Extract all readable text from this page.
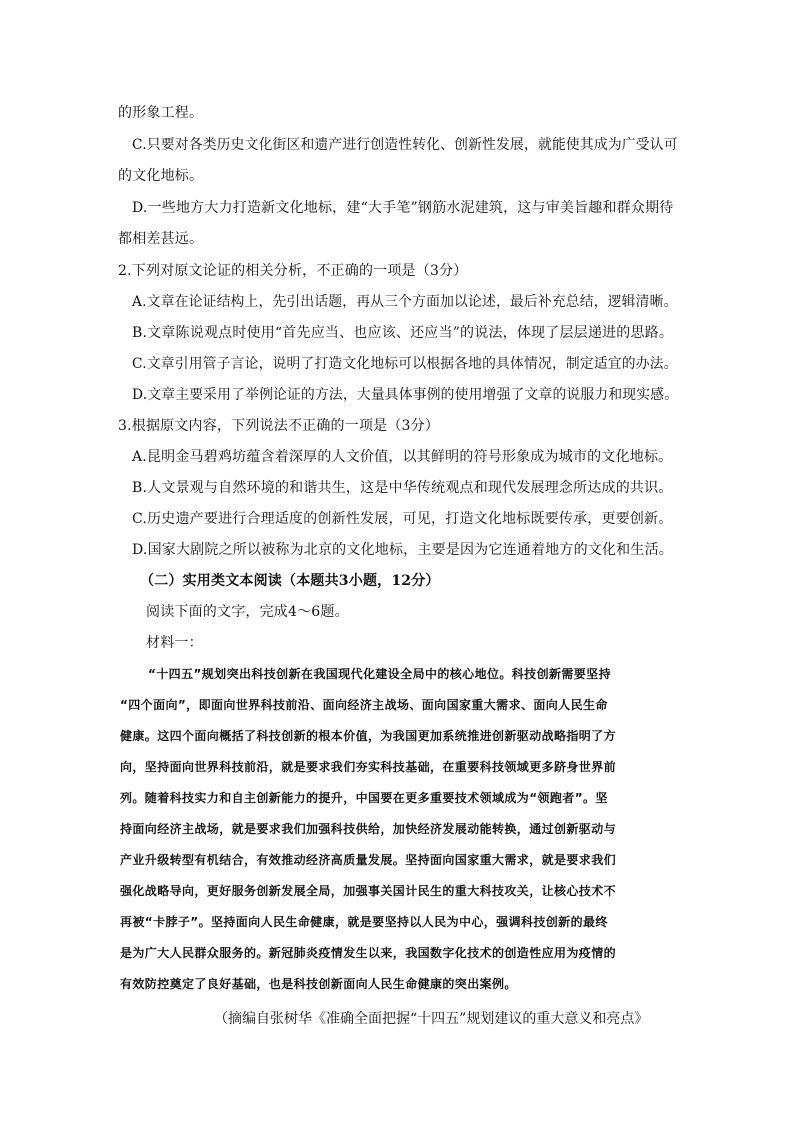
的形象工程。
C.只要对各类历史文化街区和遗产进行创造性转化、创新性发展，就能使其成为广受认可
的文化地标。
D.一些地方大力打造新文化地标，建“大手笔”钢筋水泥建筑，这与审美旨趣和群众期待
都相差甚远。
2.下列对原文论证的相关分析，不正确的一项是（3分）
A.文章在论证结构上，先引出话题，再从三个方面加以论述，最后补充总结，逻辑清晰。
B.文章陈说观点时使用“首先应当、也应该、还应当”的说法，体现了层层递进的思路。
C.文章引用管子言论，说明了打造文化地标可以根据各地的具体情况，制定适宜的办法。
D.文章主要采用了举例论证的方法，大量具体事例的使用增强了文章的说服力和现实感。
3.根据原文内容，下列说法不正确的一项是（3分）
A.昆明金马碧鸡坊蕴含着深厚的人文价值，以其鲜明的符号形象成为城市的文化地标。
B.人文景观与自然环境的和谐共生，这是中华传统观点和现代发展理念所达成的共识。
C.历史遗产要进行合理适度的创新性发展，可见，打造文化地标既要传承，更要创新。
D.国家大剧院之所以被称为北京的文化地标，主要是因为它连通着地方的文化和生活。
（二）实用类文本阅读（本题共3小题，12分）
阅读下面的文字，完成4～6题。
材料一：
“十四五”规划突出科技创新在我国现代化建设全局中的核心地位。科技创新需要坚持
“四个面向”，即面向世界科技前沿、面向经济主战场、面向国家重大需求、面向人民生命
健康。这四个面向概括了科技创新的根本价值，为我国更加系统推进创新驱动战略指明了方
向，坚持面向世界科技前沿，就是要求我们夯实科技基础，在重要科技领域更多跻身世界前
列。随着科技实力和自主创新能力的提升，中国要在更多重要技术领域成为“领跑者”。坚
持面向经济主战场，就是要求我们加强科技供给，加快经济发展动能转换，通过创新驱动与
产业升级转型有机结合，有效推动经济高质量发展。坚持面向国家重大需求，就是要求我们
强化战略导向，更好服务创新发展全局，加强事关国计民生的重大科技攻关，让核心技术不
再被“卡脖子”。坚持面向人民生命健康，就是要坚持以人民为中心，强调科技创新的最终
是为广大人民群众服务的。新冠肺炎疫情发生以来，我国数字化技术的创造性应用为疫情的
有效防控奠定了良好基础，也是科技创新面向人民生命健康的突出案例。
（摘编自张树华《准确全面把握“十四五”规划建议的重大意义和亮点》
